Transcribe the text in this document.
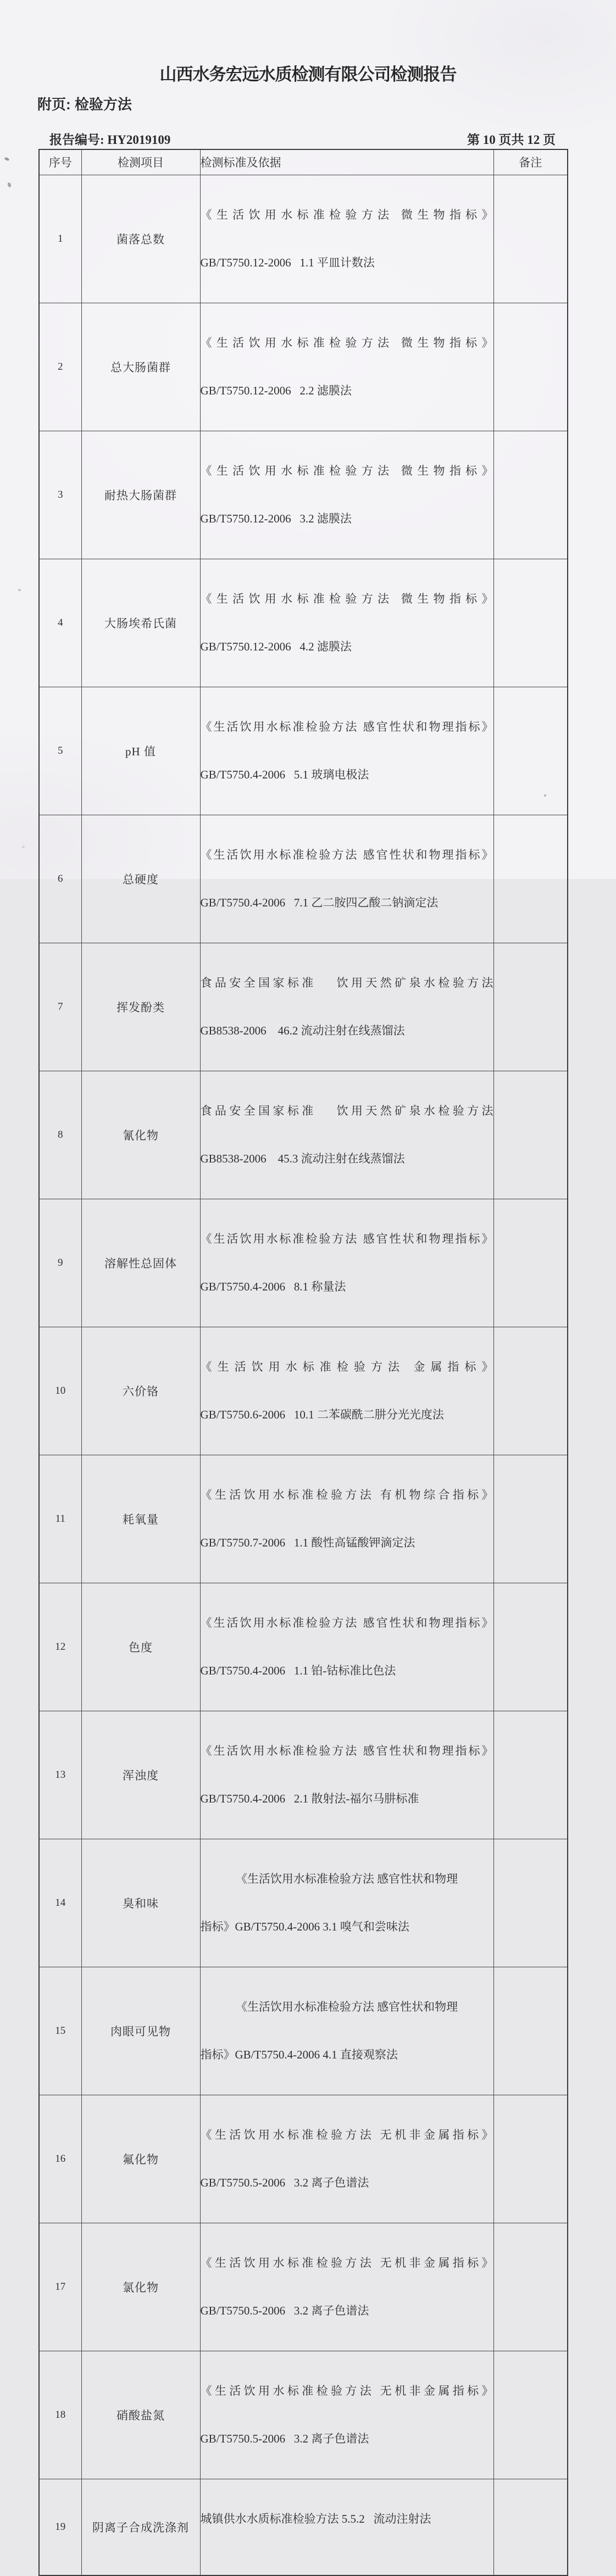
山西水务宏远水质检测有限公司检测报告
附页: 检验方法
报告编号: HY2019109	第 10 页共 12 页
序号	检测项目	检测标准及依据	备注
1	菌落总数	《生活饮用水标准检验方法 微生物指标》

GB/T5750.12-2006   1.1 平皿计数法	

2	总大肠菌群	《生活饮用水标准检验方法 微生物指标》

GB/T5750.12-2006   2.2 滤膜法	

3	耐热大肠菌群	《生活饮用水标准检验方法 微生物指标》

GB/T5750.12-2006   3.2 滤膜法	

4	大肠埃希氏菌	《生活饮用水标准检验方法 微生物指标》

GB/T5750.12-2006   4.2 滤膜法	

5	pH 值	《生活饮用水标准检验方法 感官性状和物理指标》

GB/T5750.4-2006   5.1 玻璃电极法	

6	总硬度	《生活饮用水标准检验方法 感官性状和物理指标》

GB/T5750.4-2006   7.1 乙二胺四乙酸二钠滴定法	

7	挥发酚类	食品安全国家标准　 饮用天然矿泉水检验方法

GB8538-2006    46.2 流动注射在线蒸馏法	

8	氰化物	食品安全国家标准　 饮用天然矿泉水检验方法

GB8538-2006    45.3 流动注射在线蒸馏法	

9	溶解性总固体	《生活饮用水标准检验方法 感官性状和物理指标》

GB/T5750.4-2006   8.1 称量法	

10	六价铬	《生活饮用水标准检验方法 金属指标》

GB/T5750.6-2006   10.1 二苯碳酰二肼分光光度法	

11	耗氧量	《生活饮用水标准检验方法 有机物综合指标》

GB/T5750.7-2006   1.1 酸性高锰酸钾滴定法	

12	色度	《生活饮用水标准检验方法 感官性状和物理指标》

GB/T5750.4-2006   1.1 铂-钴标准比色法	

13	浑浊度	《生活饮用水标准检验方法 感官性状和物理指标》

GB/T5750.4-2006   2.1 散射法-福尔马肼标准	

14	臭和味	《生活饮用水标准检验方法 感官性状和物理

指标》GB/T5750.4-2006 3.1 嗅气和尝味法	

15	肉眼可见物	《生活饮用水标准检验方法 感官性状和物理

指标》GB/T5750.4-2006 4.1 直接观察法	

16	氟化物	《生活饮用水标准检验方法 无机非金属指标》

GB/T5750.5-2006   3.2 离子色谱法	

17	氯化物	《生活饮用水标准检验方法 无机非金属指标》

GB/T5750.5-2006   3.2 离子色谱法	

18	硝酸盐氮	《生活饮用水标准检验方法 无机非金属指标》

GB/T5750.5-2006   3.2 离子色谱法	

19	阴离子合成洗涤剂	城镇供水水质标准检验方法 5.5.2   流动注射法	
